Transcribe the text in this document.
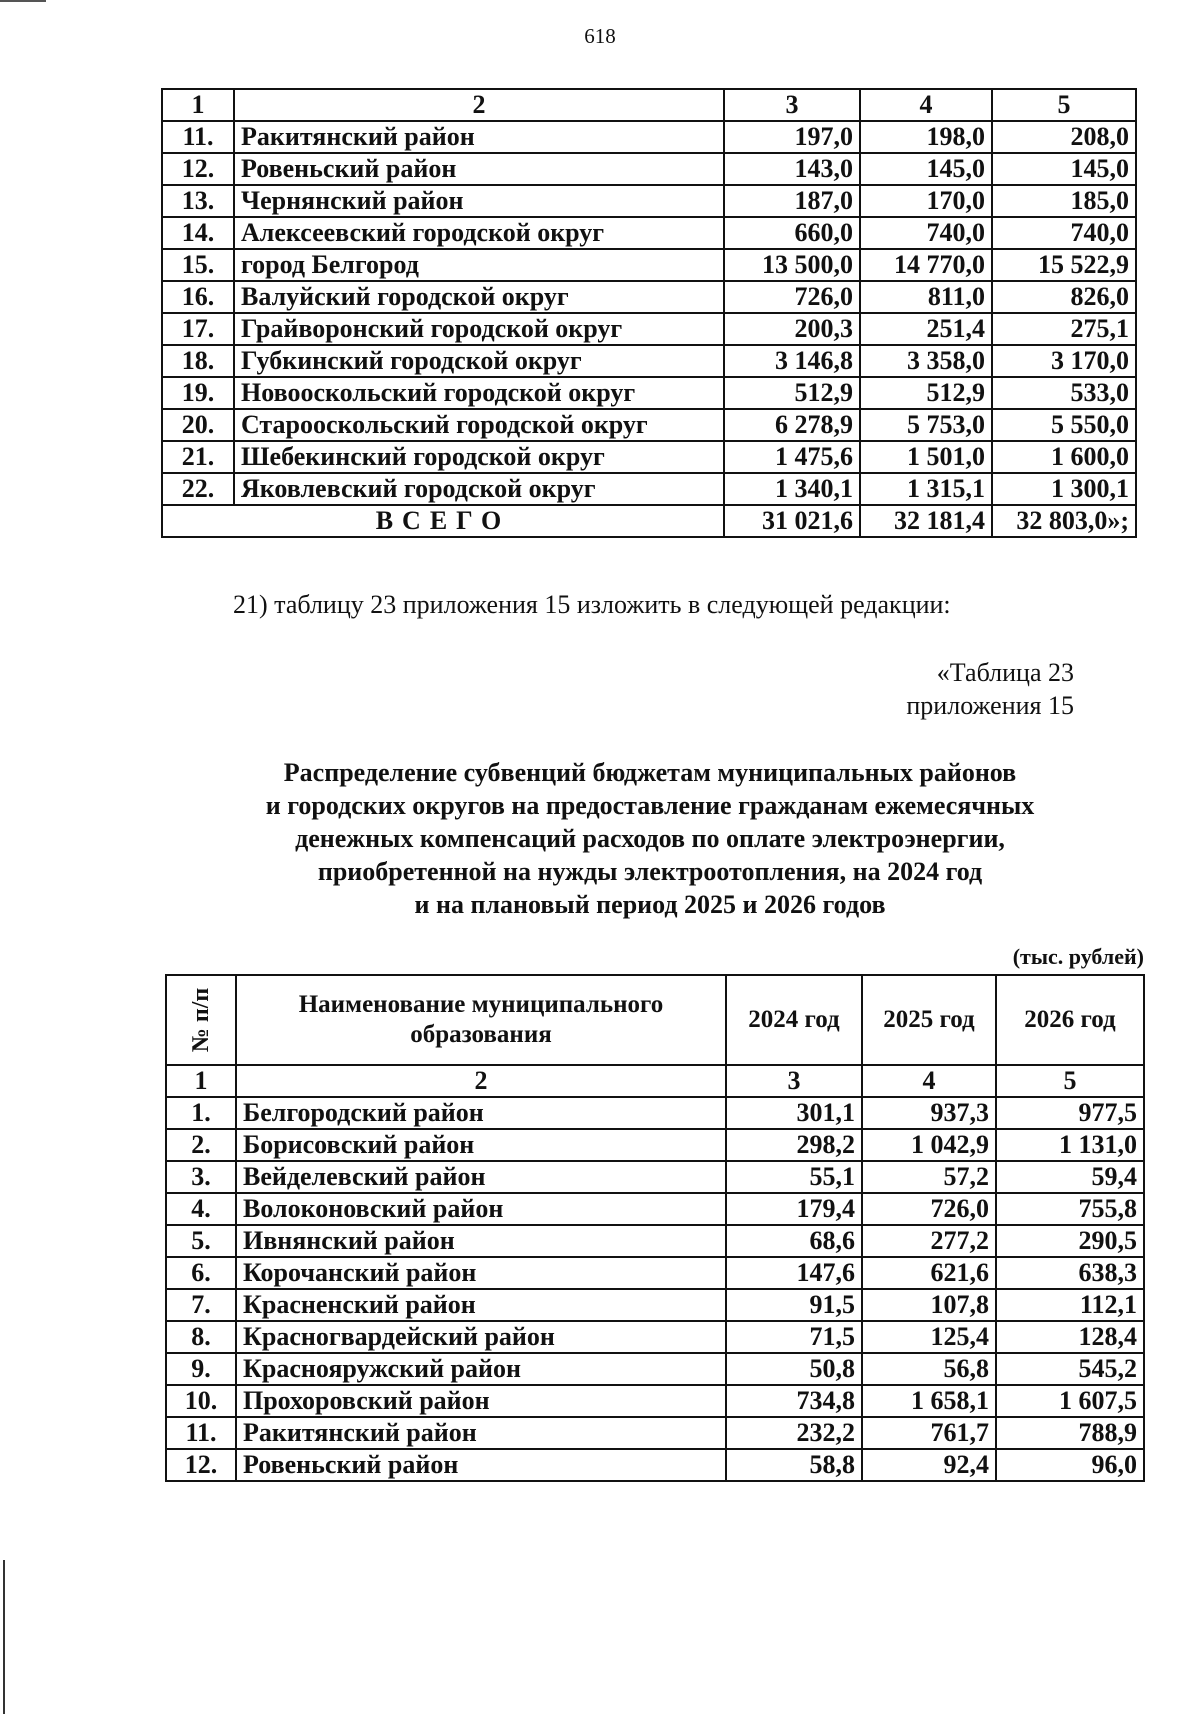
618
1	2	3	4	5
11.	Ракитянский район	197,0	198,0	208,0
12.	Ровеньский район	143,0	145,0	145,0
13.	Чернянский район	187,0	170,0	185,0
14.	Алексеевский городской округ	660,0	740,0	740,0
15.	город Белгород	13 500,0	14 770,0	15 522,9
16.	Валуйский городской округ	726,0	811,0	826,0
17.	Грайворонский городской округ	200,3	251,4	275,1
18.	Губкинский городской округ	3 146,8	3 358,0	3 170,0
19.	Новооскольский городской округ	512,9	512,9	533,0
20.	Старооскольский городской округ	6 278,9	5 753,0	5 550,0
21.	Шебекинский городской округ	1 475,6	1 501,0	1 600,0
22.	Яковлевский городской округ	1 340,1	1 315,1	1 300,1
ВСЕГО		31 021,6	32 181,4	32 803,0»;
21) таблицу 23 приложения 15 изложить в следующей редакции:
«Таблица 23
приложения 15
Распределение субвенций бюджетам муниципальных районов
и городских округов на предоставление гражданам ежемесячных
денежных компенсаций расходов по оплате электроэнергии,
приобретенной на нужды электроотопления, на 2024 год
и на плановый период 2025 и 2026 годов
(тыс. рублей)
№ п/п	Наименование муниципального образования	2024 год	2025 год	2026 год
1	2	3	4	5
1.	Белгородский район	301,1	937,3	977,5
2.	Борисовский район	298,2	1 042,9	1 131,0
3.	Вейделевский район	55,1	57,2	59,4
4.	Волоконовский район	179,4	726,0	755,8
5.	Ивнянский район	68,6	277,2	290,5
6.	Корочанский район	147,6	621,6	638,3
7.	Красненский район	91,5	107,8	112,1
8.	Красногвардейский район	71,5	125,4	128,4
9.	Краснояружский район	50,8	56,8	545,2
10.	Прохоровский район	734,8	1 658,1	1 607,5
11.	Ракитянский район	232,2	761,7	788,9
12.	Ровеньский район	58,8	92,4	96,0
